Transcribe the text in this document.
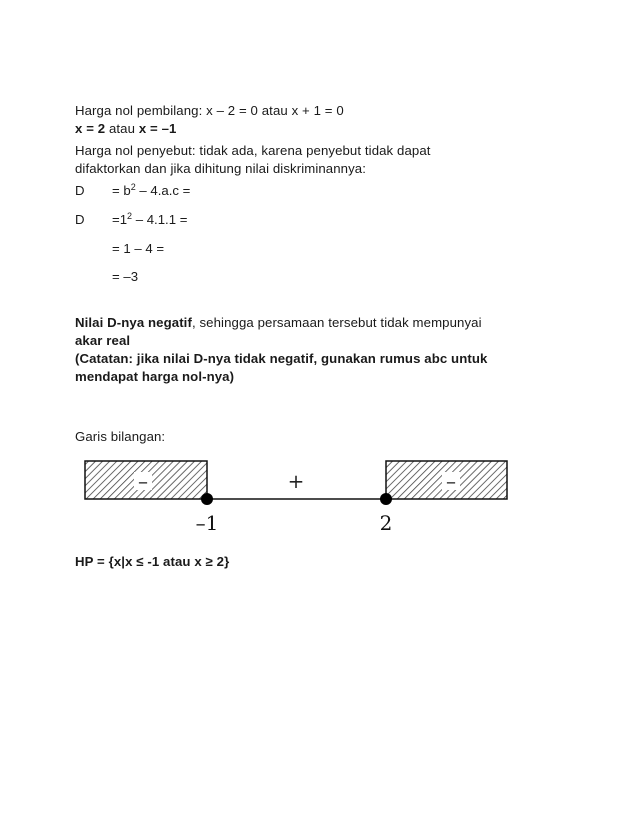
Harga nol pembilang: x – 2 = 0 atau x + 1 = 0
x = 2 atau x = –1
Harga nol penyebut: tidak ada, karena penyebut tidak dapat
difaktorkan dan jika dihitung nilai diskriminannya:
$D = b^2 - 4.a.c$ =
$D =1^2 - 4.1.1$ =
= 1 – 4 =
= –3
Nilai D-nya negatif, sehingga persamaan tersebut tidak mempunyai
akar real
(Catatan: jika nilai D-nya tidak negatif, gunakan rumus abc untuk
mendapat harga nol-nya)
Garis bilangan:
–	+	–
–1	2
HP = {x|x ≤ -1 atau x ≥ 2}
